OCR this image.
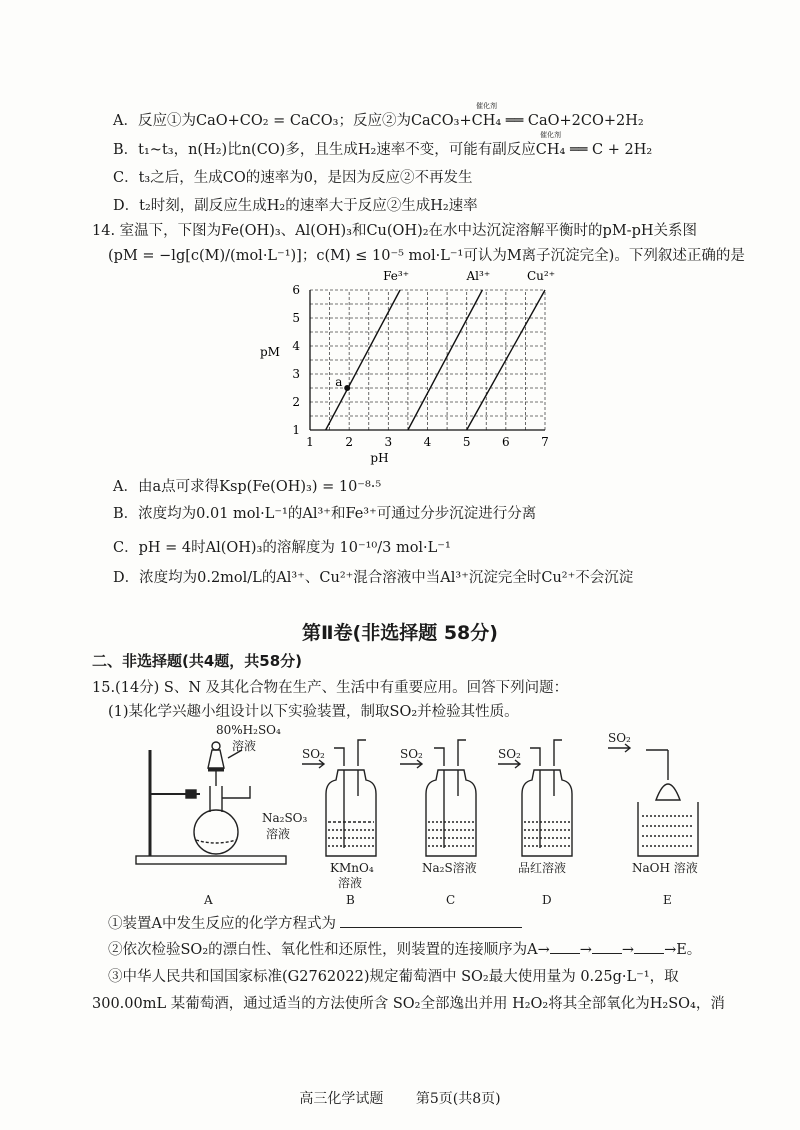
A．反应①为CaO+CO₂ = CaCO₃；反应②为CaCO₃+CH₄ ══ CaO+2CO+2H₂
B．t₁~t₃，n(H₂)比n(CO)多，且生成H₂速率不变，可能有副反应CH₄ ══ C + 2H₂
C．t₃之后，生成CO的速率为0，是因为反应②不再发生
D．t₂时刻，副反应生成H₂的速率大于反应②生成H₂速率
催化剂
催化剂
14. 室温下，下图为Fe(OH)₃、Al(OH)₃和Cu(OH)₂在水中达沉淀溶解平衡时的pM-pH关系图
(pM = −lg[c(M)/(mol·L⁻¹)]；c(M) ≤ 10⁻⁵ mol·L⁻¹可认为M离子沉淀完全)。下列叙述正确的是
1	2	3	4	5	6	7
1
2
3
4
5
6
pH
pM
Fe³⁺	Al³⁺	Cu²⁺
a
A．由a点可求得Ksp(Fe(OH)₃) = 10⁻⁸·⁵
B．浓度均为0.01 mol·L⁻¹的Al³⁺和Fe³⁺可通过分步沉淀进行分离
C．pH = 4时Al(OH)₃的溶解度为 10⁻¹⁰/3 mol·L⁻¹
D．浓度均为0.2mol/L的Al³⁺、Cu²⁺混合溶液中当Al³⁺沉淀完全时Cu²⁺不会沉淀
第Ⅱ卷(非选择题 58分)
二、非选择题(共4题，共58分)
15.(14分) S、N 及其化合物在生产、生活中有重要应用。回答下列问题：
(1)某化学兴趣小组设计以下实验装置，制取SO₂并检验其性质。
80%H₂SO₄
溶液
Na₂SO₃
溶液
SO₂	SO₂	SO₂
SO₂
KMnO₄
溶液
Na₂S溶液	品红溶液	NaOH 溶液
A	B	C	D	E
①装置A中发生反应的化学方程式为
②依次检验SO₂的漂白性、氧化性和还原性，则装置的连接顺序为A→ → → →E。
③中华人民共和国国家标准(G2762022)规定葡萄酒中 SO₂最大使用量为 0.25g·L⁻¹，取
300.00mL 某葡萄酒，通过适当的方法使所含 SO₂全部逸出并用 H₂O₂将其全部氧化为H₂SO₄，消
高三化学试题 第5页(共8页)
